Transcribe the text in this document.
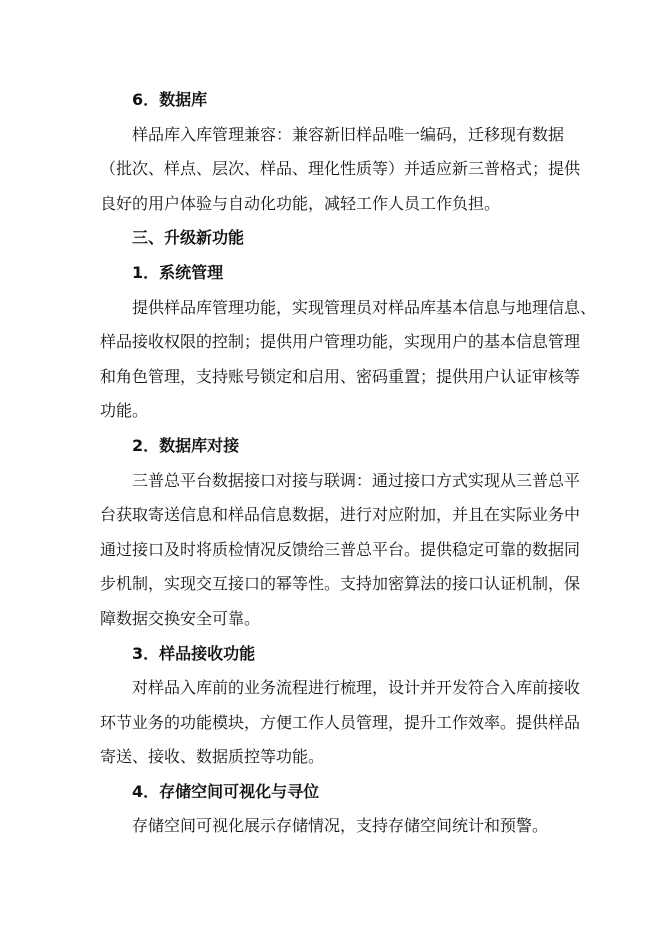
6．数据库
样品库入库管理兼容：兼容新旧样品唯一编码，迁移现有数据
（批次、样点、层次、样品、理化性质等）并适应新三普格式；提供
良好的用户体验与自动化功能，减轻工作人员工作负担。
三、升级新功能
1．系统管理
提供样品库管理功能，实现管理员对样品库基本信息与地理信息、
样品接收权限的控制；提供用户管理功能，实现用户的基本信息管理
和角色管理，支持账号锁定和启用、密码重置；提供用户认证审核等
功能。
2．数据库对接
三普总平台数据接口对接与联调：通过接口方式实现从三普总平
台获取寄送信息和样品信息数据，进行对应附加，并且在实际业务中
通过接口及时将质检情况反馈给三普总平台。提供稳定可靠的数据同
步机制，实现交互接口的幂等性。支持加密算法的接口认证机制，保
障数据交换安全可靠。
3．样品接收功能
对样品入库前的业务流程进行梳理，设计并开发符合入库前接收
环节业务的功能模块，方便工作人员管理，提升工作效率。提供样品
寄送、接收、数据质控等功能。
4．存储空间可视化与寻位
存储空间可视化展示存储情况，支持存储空间统计和预警。
